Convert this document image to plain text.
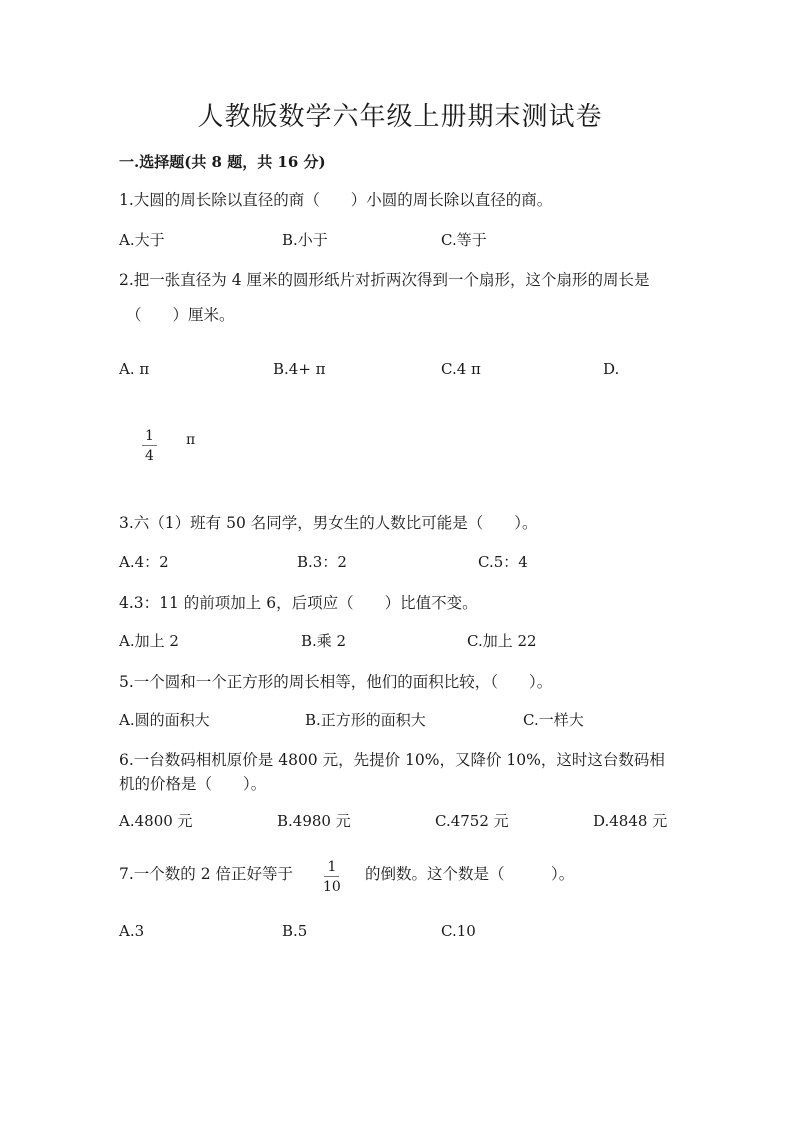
人教版数学六年级上册期末测试卷
一.选择题(共 8 题，共 16 分)
1.大圆的周长除以直径的商（　　）小圆的周长除以直径的商。
A.大于	B.小于	C.等于
2.把一张直径为 4 厘米的圆形纸片对折两次得到一个扇形，这个扇形的周长是
（　　）厘米。
A. π	B.4+ π	C.4 π	D.
$\frac{1}{4}$ π
3.六（1）班有 50 名同学，男女生的人数比可能是（　　）。
A.4：2	B.3：2	C.5：4
4.3：11 的前项加上 6，后项应（　　）比值不变。
A.加上 2	B.乘 2	C.加上 22
5.一个圆和一个正方形的周长相等，他们的面积比较，（　　）。
A.圆的面积大	B.正方形的面积大	C.一样大
6.一台数码相机原价是 4800 元，先提价 10%，又降价 10%，这时这台数码相
机的价格是（　　）。
A.4800 元	B.4980 元	C.4752 元	D.4848 元
7.一个数的 2 倍正好等于 $\frac{1}{10}$ 的倒数。这个数是（　　　）。
A.3	B.5	C.10
